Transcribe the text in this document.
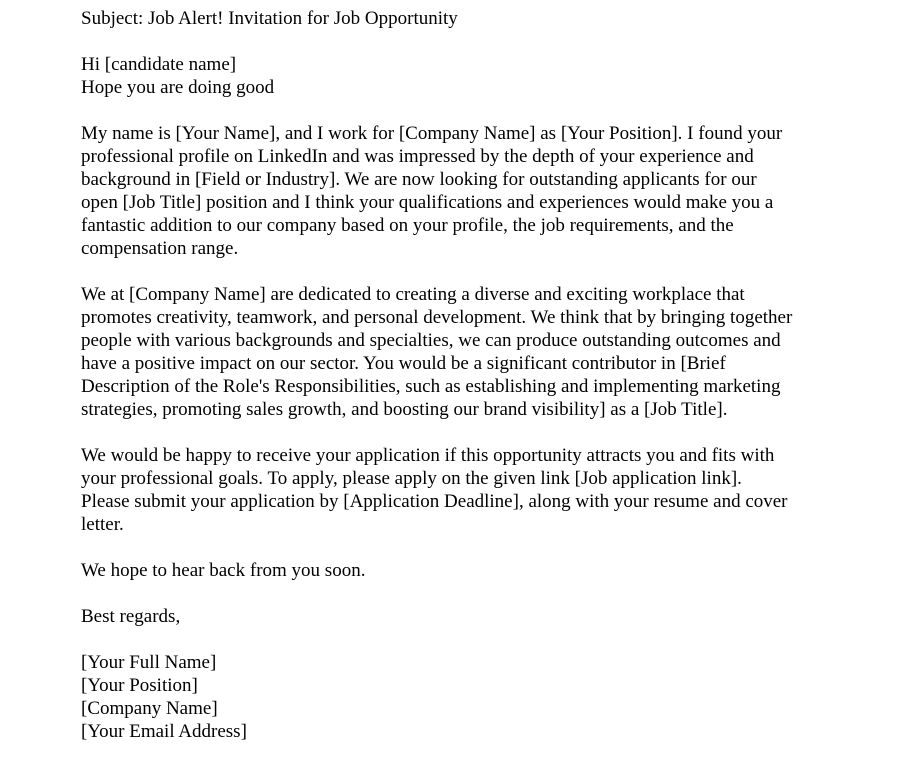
Subject: Job Alert! Invitation for Job Opportunity
Hi [candidate name]
Hope you are doing good
My name is [Your Name], and I work for [Company Name] as [Your Position]. I found your
professional profile on LinkedIn and was impressed by the depth of your experience and
background in [Field or Industry]. We are now looking for outstanding applicants for our
open [Job Title] position and I think your qualifications and experiences would make you a
fantastic addition to our company based on your profile, the job requirements, and the
compensation range.
We at [Company Name] are dedicated to creating a diverse and exciting workplace that
promotes creativity, teamwork, and personal development. We think that by bringing together
people with various backgrounds and specialties, we can produce outstanding outcomes and
have a positive impact on our sector. You would be a significant contributor in [Brief
Description of the Role's Responsibilities, such as establishing and implementing marketing
strategies, promoting sales growth, and boosting our brand visibility] as a [Job Title].
We would be happy to receive your application if this opportunity attracts you and fits with
your professional goals. To apply, please apply on the given link [Job application link].
Please submit your application by [Application Deadline], along with your resume and cover
letter.
We hope to hear back from you soon.
Best regards,
[Your Full Name]
[Your Position]
[Company Name]
[Your Email Address]
